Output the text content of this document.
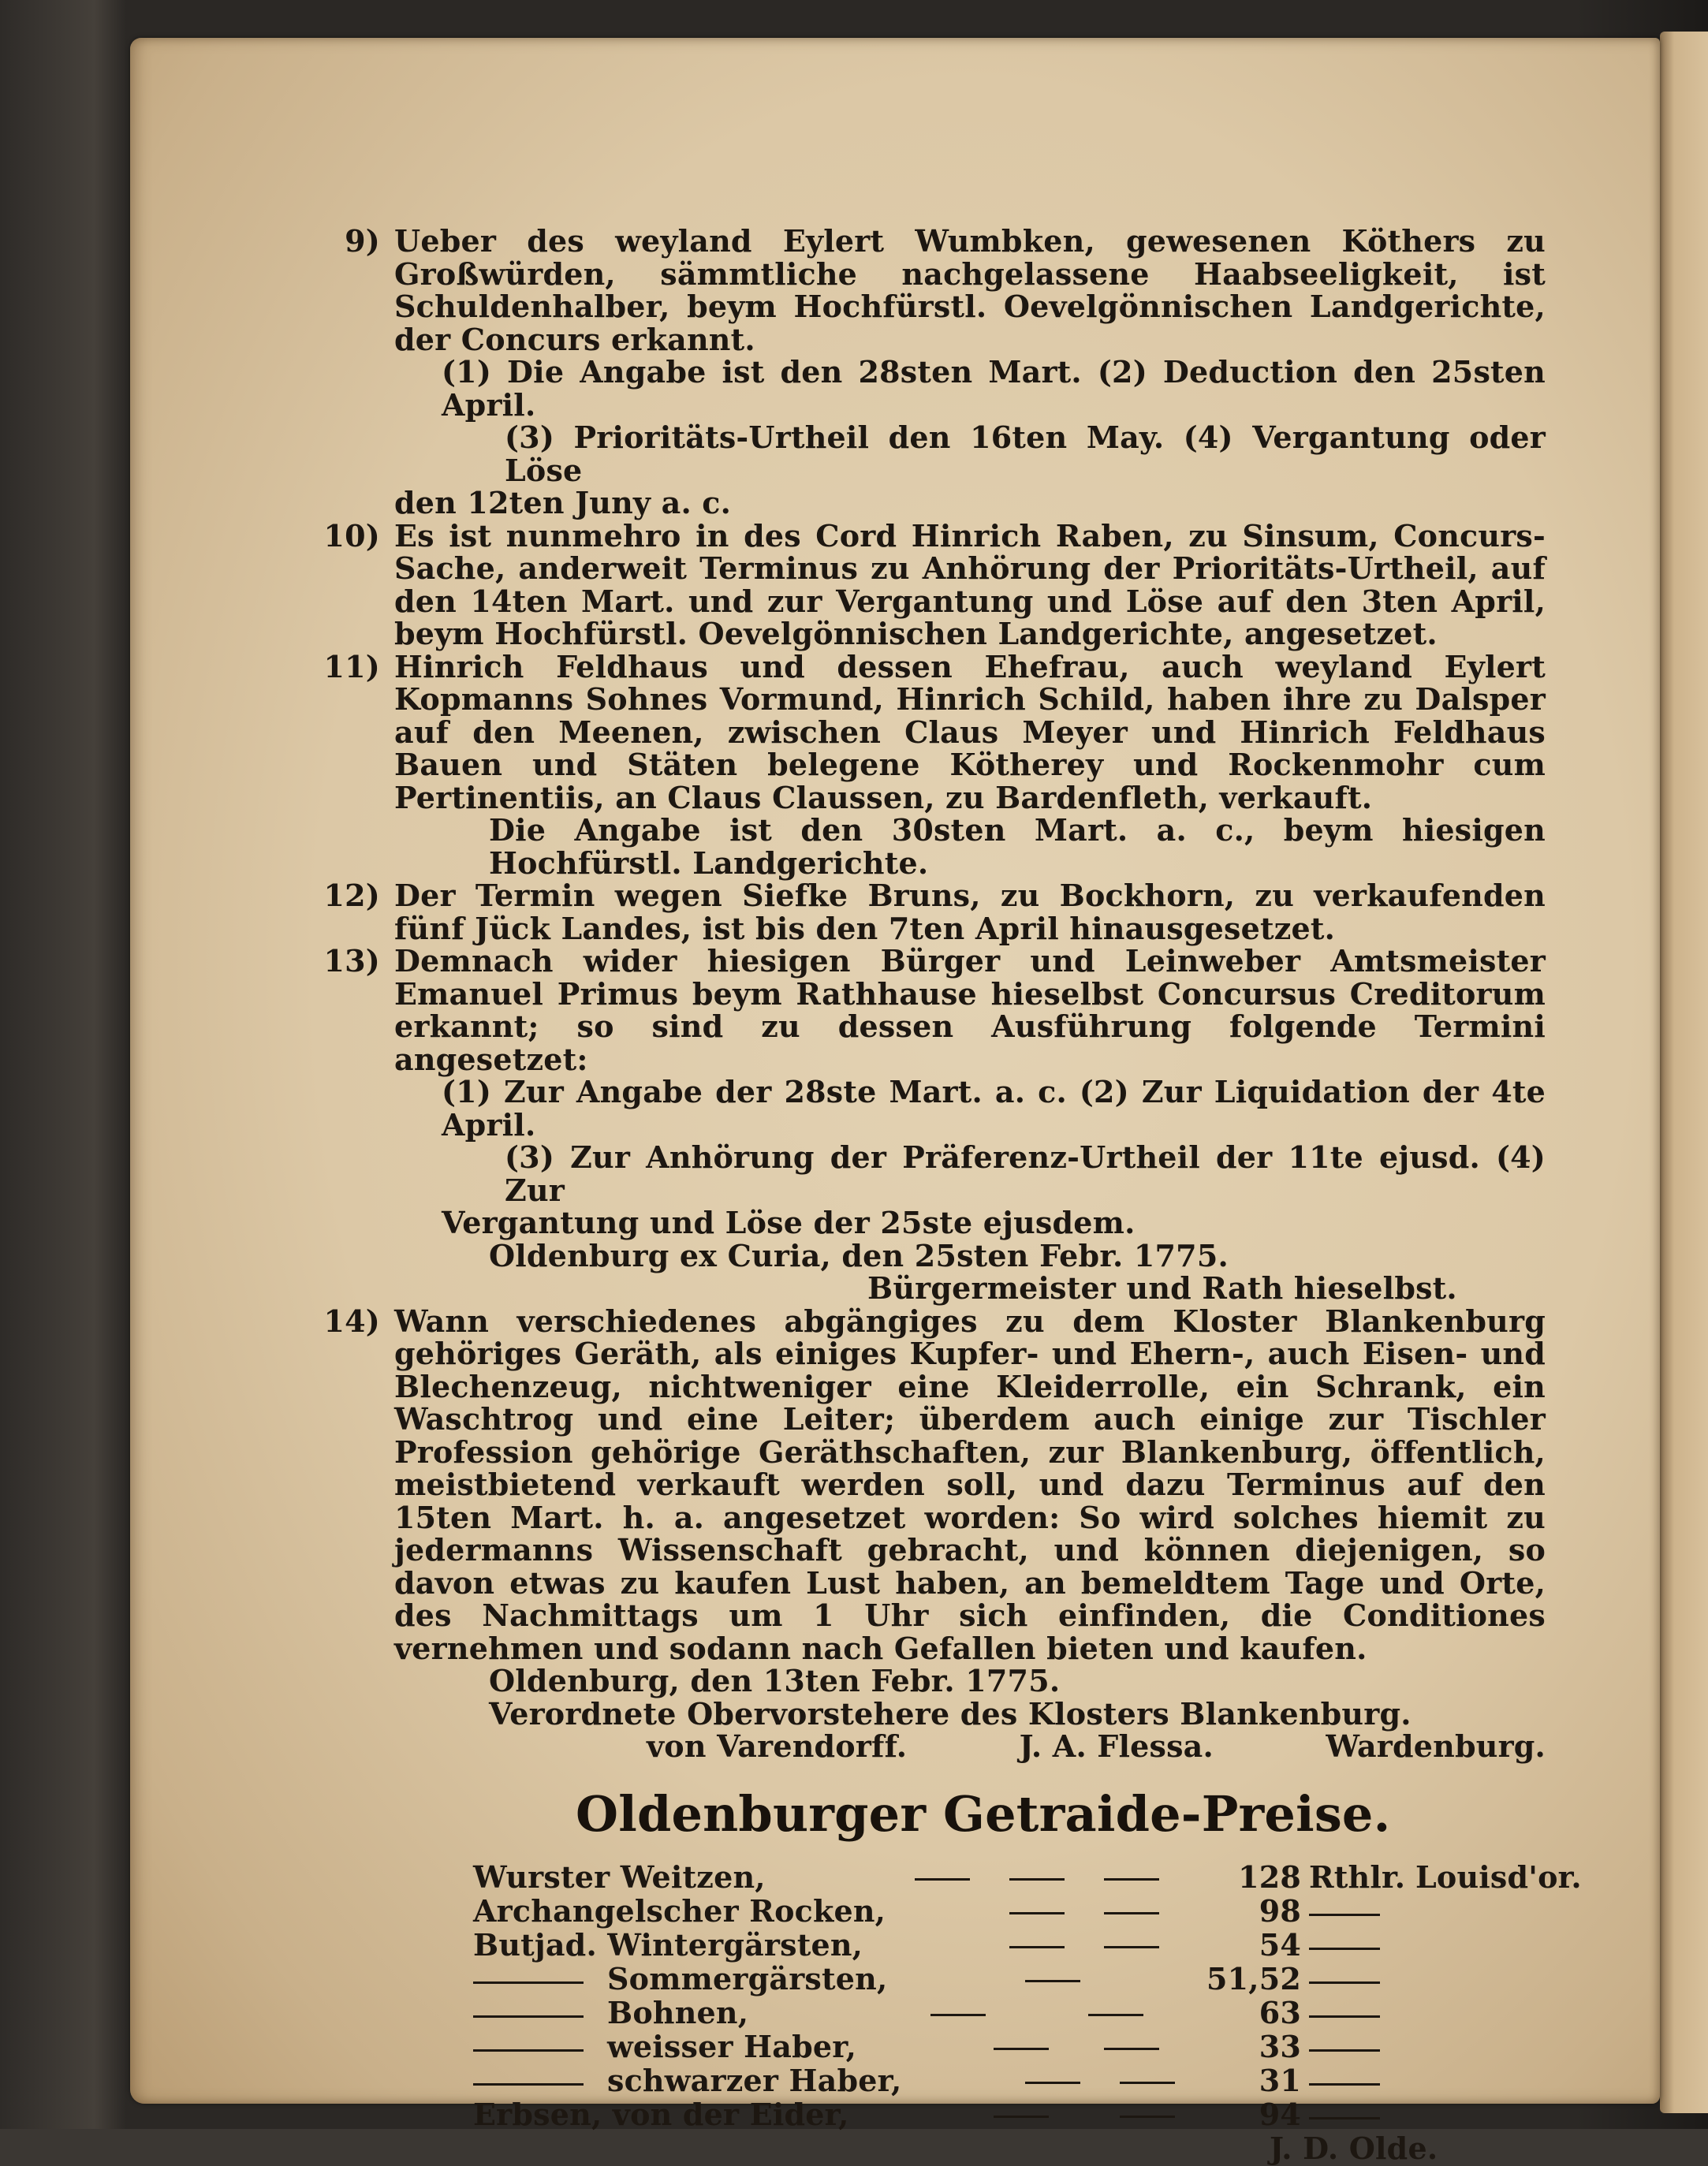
9) Ueber des weyland Eylert Wumbken, gewesenen Köthers zu Großwürden, sämmtliche nachgelassene Haabseeligkeit, ist Schuldenhalber, beym Hochfürstl. Oevelgönnischen Landgerichte, der Concurs erkannt.

(1) Die Angabe ist den 28sten Mart. (2) Deduction den 25sten April.

(3) Prioritäts-Urtheil den 16ten May. (4) Vergantung oder Löse

den 12ten Juny a. c.

10) Es ist nunmehro in des Cord Hinrich Raben, zu Sinsum, Concurs-Sache, anderweit Terminus zu Anhörung der Prioritäts-Urtheil, auf den 14ten Mart. und zur Vergantung und Löse auf den 3ten April, beym Hochfürstl. Oevelgönnischen Landgerichte, angesetzet.

11) Hinrich Feldhaus und dessen Ehefrau, auch weyland Eylert Kopmanns Sohnes Vormund, Hinrich Schild, haben ihre zu Dalsper auf den Meenen, zwischen Claus Meyer und Hinrich Feldhaus Bauen und Stäten belegene Kötherey und Rockenmohr cum Pertinentiis, an Claus Claussen, zu Bardenfleth, verkauft.

Die Angabe ist den 30sten Mart. a. c., beym hiesigen Hochfürstl. Landgerichte.

12) Der Termin wegen Siefke Bruns, zu Bockhorn, zu verkaufenden fünf Jück Landes, ist bis den 7ten April hinausgesetzet.

13) Demnach wider hiesigen Bürger und Leinweber Amtsmeister Emanuel Primus beym Rathhause hieselbst Concursus Creditorum erkannt; so sind zu dessen Ausführung folgende Termini angesetzet:

(1) Zur Angabe der 28ste Mart. a. c. (2) Zur Liquidation der 4te April.

(3) Zur Anhörung der Präferenz-Urtheil der 11te ejusd. (4) Zur

Vergantung und Löse der 25ste ejusdem.

Oldenburg ex Curia, den 25sten Febr. 1775.

Bürgermeister und Rath hieselbst.

14) Wann verschiedenes abgängiges zu dem Kloster Blankenburg gehöriges Geräth, als einiges Kupfer- und Ehern-, auch Eisen- und Blechenzeug, nichtweniger eine Kleiderrolle, ein Schrank, ein Waschtrog und eine Leiter; überdem auch einige zur Tischler Profession gehörige Geräthschaften, zur Blankenburg, öffentlich, meistbietend verkauft werden soll, und dazu Terminus auf den 15ten Mart. h. a. angesetzet worden: So wird solches hiemit zu jedermanns Wissenschaft gebracht, und können diejenigen, so davon etwas zu kaufen Lust haben, an bemeldtem Tage und Orte, des Nachmittags um 1 Uhr sich einfinden, die Conditiones vernehmen und sodann nach Gefallen bieten und kaufen.

Oldenburg, den 13ten Febr. 1775.

Verordnete Obervorstehere des Klosters Blankenburg.

von Varendorff.	J. A. Flessa.	Wardenburg.
Oldenburger Getraide-Preise.
Wurster Weitzen,	128 Rthlr. Louisd'or.
Archangelscher Rocken,	98
Butjad. Wintergärsten,	54
Sommergärsten,	51,52
Bohnen,	63
weisser Haber,	33
schwarzer Haber,	31
Erbsen, von der Eider,	94

J. D. Olde.
